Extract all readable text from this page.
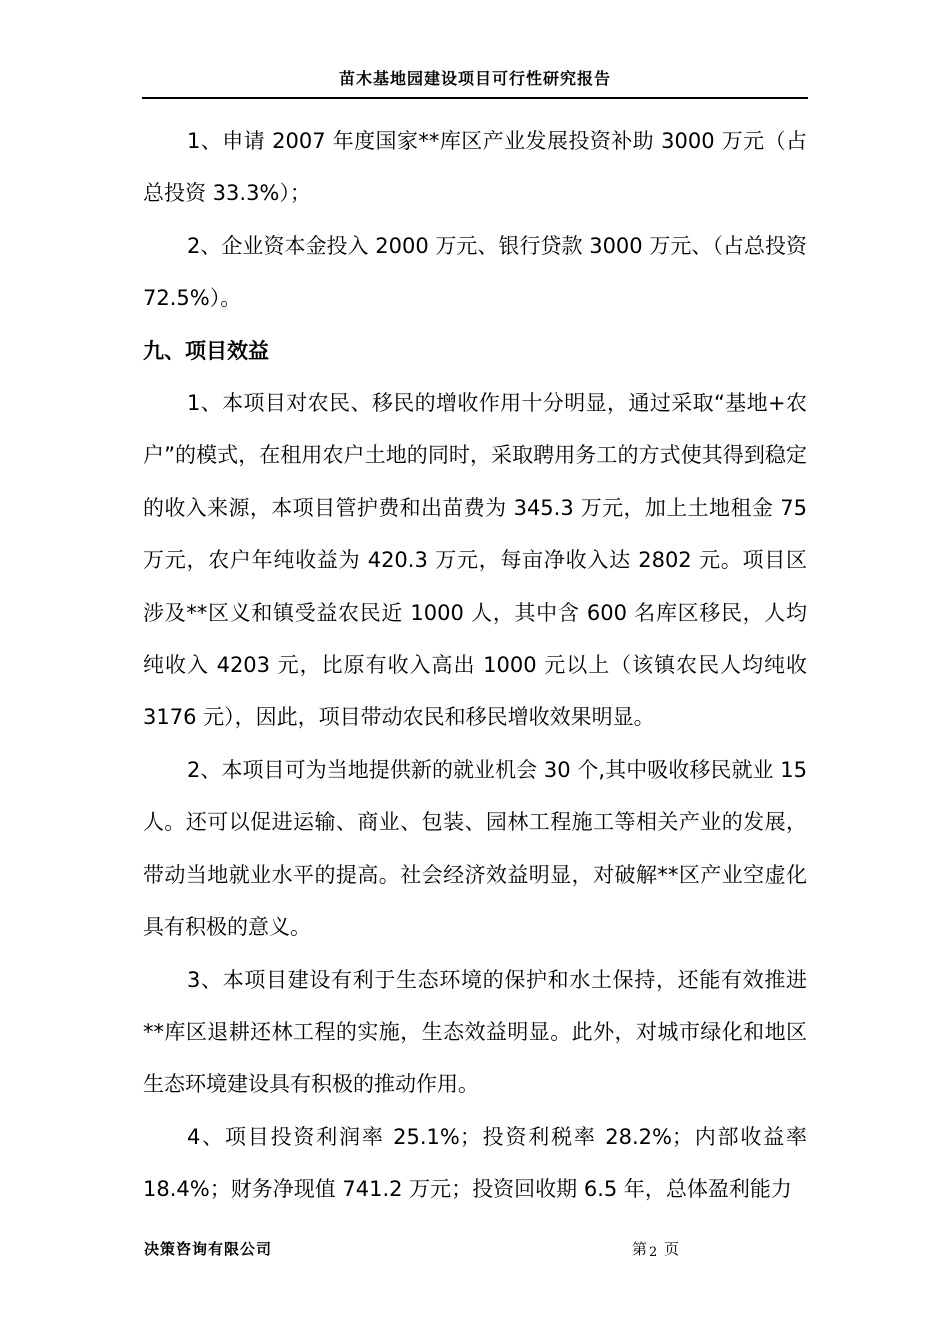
苗木基地园建设项目可行性研究报告

1、申请 2007 年度国家**库区产业发展投资补助 3000 万元（占总投资 33.3%）；

2、企业资本金投入 2000 万元、银行贷款 3000 万元、（占总投资 72.5%）。

九、项目效益

1、本项目对农民、移民的增收作用十分明显，通过采取“基地+农户”的模式，在租用农户土地的同时，采取聘用务工的方式使其得到稳定的收入来源，本项目管护费和出苗费为 345.3 万元，加上土地租金 75 万元，农户年纯收益为 420.3 万元，每亩净收入达 2802 元。项目区涉及**区义和镇受益农民近 1000 人，其中含 600 名库区移民，人均纯收入 4203 元，比原有收入高出 1000 元以上（该镇农民人均纯收 3176 元），因此，项目带动农民和移民增收效果明显。

2、本项目可为当地提供新的就业机会 30 个,其中吸收移民就业 15 人。还可以促进运输、商业、包装、园林工程施工等相关产业的发展，带动当地就业水平的提高。社会经济效益明显，对破解**区产业空虚化具有积极的意义。

3、本项目建设有利于生态环境的保护和水土保持，还能有效推进**库区退耕还林工程的实施，生态效益明显。此外，对城市绿化和地区生态环境建设具有积极的推动作用。

4、项目投资利润率 25.1%；投资利税率 28.2%；内部收益率 18.4%；财务净现值 741.2 万元；投资回收期 6.5 年，总体盈利能力

决策咨询有限公司	第 2 页
